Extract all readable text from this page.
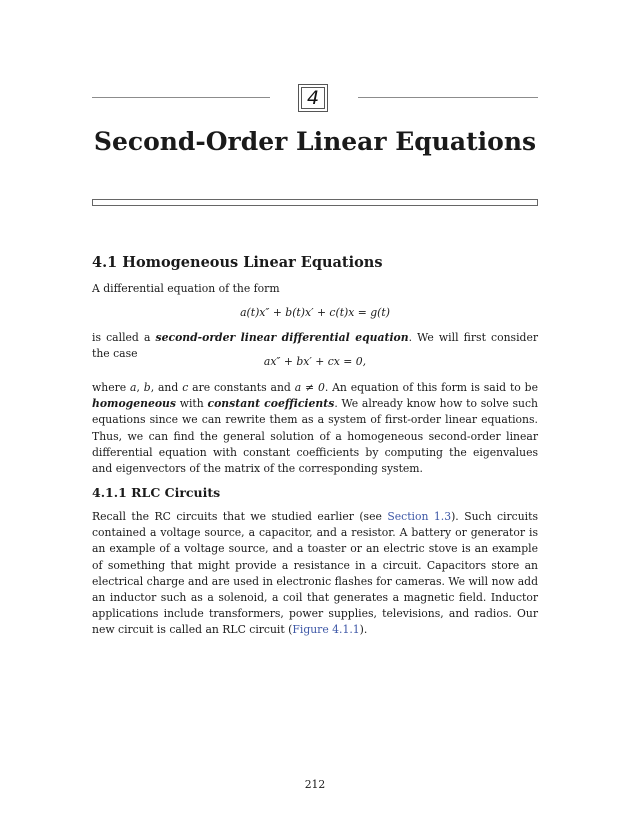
4
Second-Order Linear Equations
4.1 Homogeneous Linear Equations

A differential equation of the form

a(t)x″ + b(t)x′ + c(t)x = g(t)

is called a second-order linear differential equation. We will first consider the case

ax″ + bx′ + cx = 0,

where a, b, and c are constants and a ≠ 0. An equation of this form is said to be homogeneous with constant coefficients. We already know how to solve such equations since we can rewrite them as a system of first-order linear equations. Thus, we can find the general solution of a homogeneous second-order linear differential equation with constant coefficients by computing the eigenvalues and eigenvectors of the matrix of the corresponding system.

4.1.1 RLC Circuits

Recall the RC circuits that we studied earlier (see Section 1.3). Such circuits contained a voltage source, a capacitor, and a resistor. A battery or generator is an example of a voltage source, and a toaster or an electric stove is an example of something that might provide a resistance in a circuit. Capacitors store an electrical charge and are used in electronic flashes for cameras. We will now add an inductor such as a solenoid, a coil that generates a magnetic field. Inductor applications include transformers, power supplies, televisions, and radios. Our new circuit is called an RLC circuit (Figure 4.1.1).

212
